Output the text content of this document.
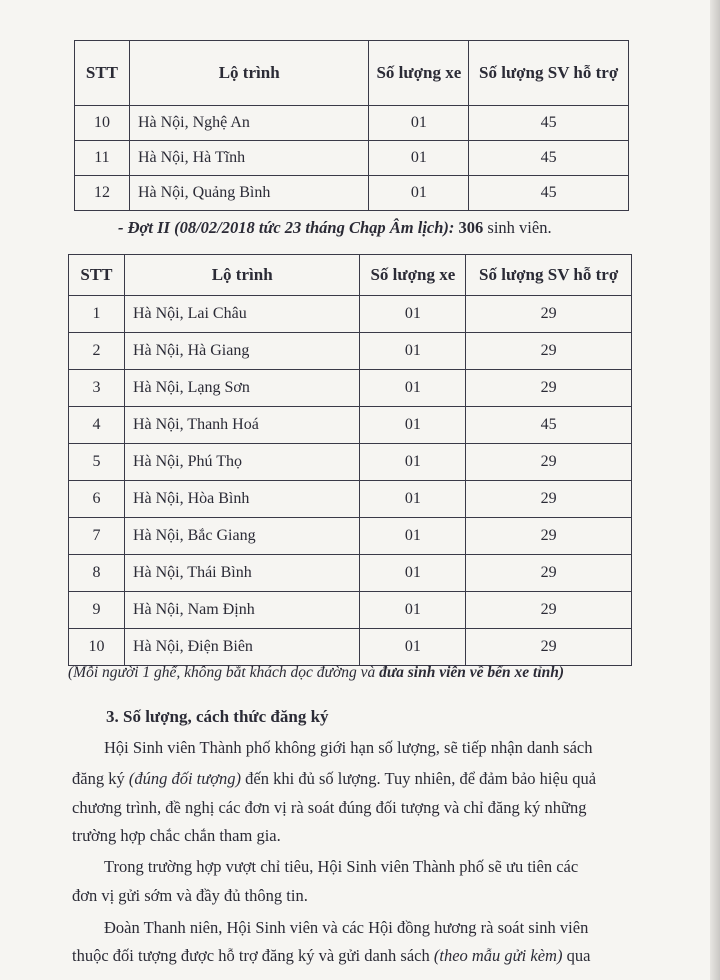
STT	Lộ trình	Số lượng xe	Số lượng SV hỗ trợ
10	Hà Nội, Nghệ An	01	45
11	Hà Nội, Hà Tĩnh	01	45
12	Hà Nội, Quảng Bình	01	45
- Đợt II (08/02/2018 tức 23 tháng Chạp Âm lịch): 306 sinh viên.
STT	Lộ trình	Số lượng xe	Số lượng SV hỗ trợ
1	Hà Nội, Lai Châu	01	29
2	Hà Nội, Hà Giang	01	29
3	Hà Nội, Lạng Sơn	01	29
4	Hà Nội, Thanh Hoá	01	45
5	Hà Nội, Phú Thọ	01	29
6	Hà Nội, Hòa Bình	01	29
7	Hà Nội, Bắc Giang	01	29
8	Hà Nội, Thái Bình	01	29
9	Hà Nội, Nam Định	01	29
10	Hà Nội, Điện Biên	01	29
(Mỗi người 1 ghế, không bắt khách dọc đường và đưa sinh viên về bến xe tỉnh)
3. Số lượng, cách thức đăng ký
Hội Sinh viên Thành phố không giới hạn số lượng, sẽ tiếp nhận danh sách
đăng ký (đúng đối tượng) đến khi đủ số lượng. Tuy nhiên, để đảm bảo hiệu quả
chương trình, đề nghị các đơn vị rà soát đúng đối tượng và chỉ đăng ký những
trường hợp chắc chắn tham gia.
Trong trường hợp vượt chỉ tiêu, Hội Sinh viên Thành phố sẽ ưu tiên các
đơn vị gửi sớm và đầy đủ thông tin.
Đoàn Thanh niên, Hội Sinh viên và các Hội đồng hương rà soát sinh viên
thuộc đối tượng được hỗ trợ đăng ký và gửi danh sách (theo mẫu gửi kèm) qua
